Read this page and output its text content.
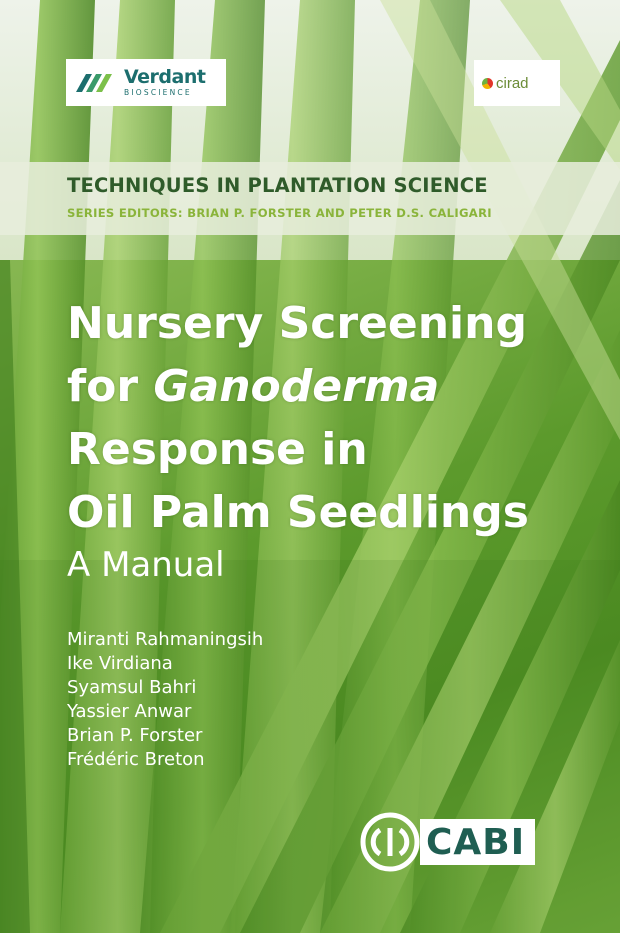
Verdant
BIOSCIENCE
cirad

TECHNIQUES IN PLANTATION SCIENCE

SERIES EDITORS: BRIAN P. FORSTER AND PETER D.S. CALIGARI

Nursery Screening
for Ganoderma
Response in
Oil Palm Seedlings

A Manual

Miranti Rahmaningsih
Ike Virdiana
Syamsul Bahri
Yassier Anwar
Brian P. Forster
Frédéric Breton
CABI
